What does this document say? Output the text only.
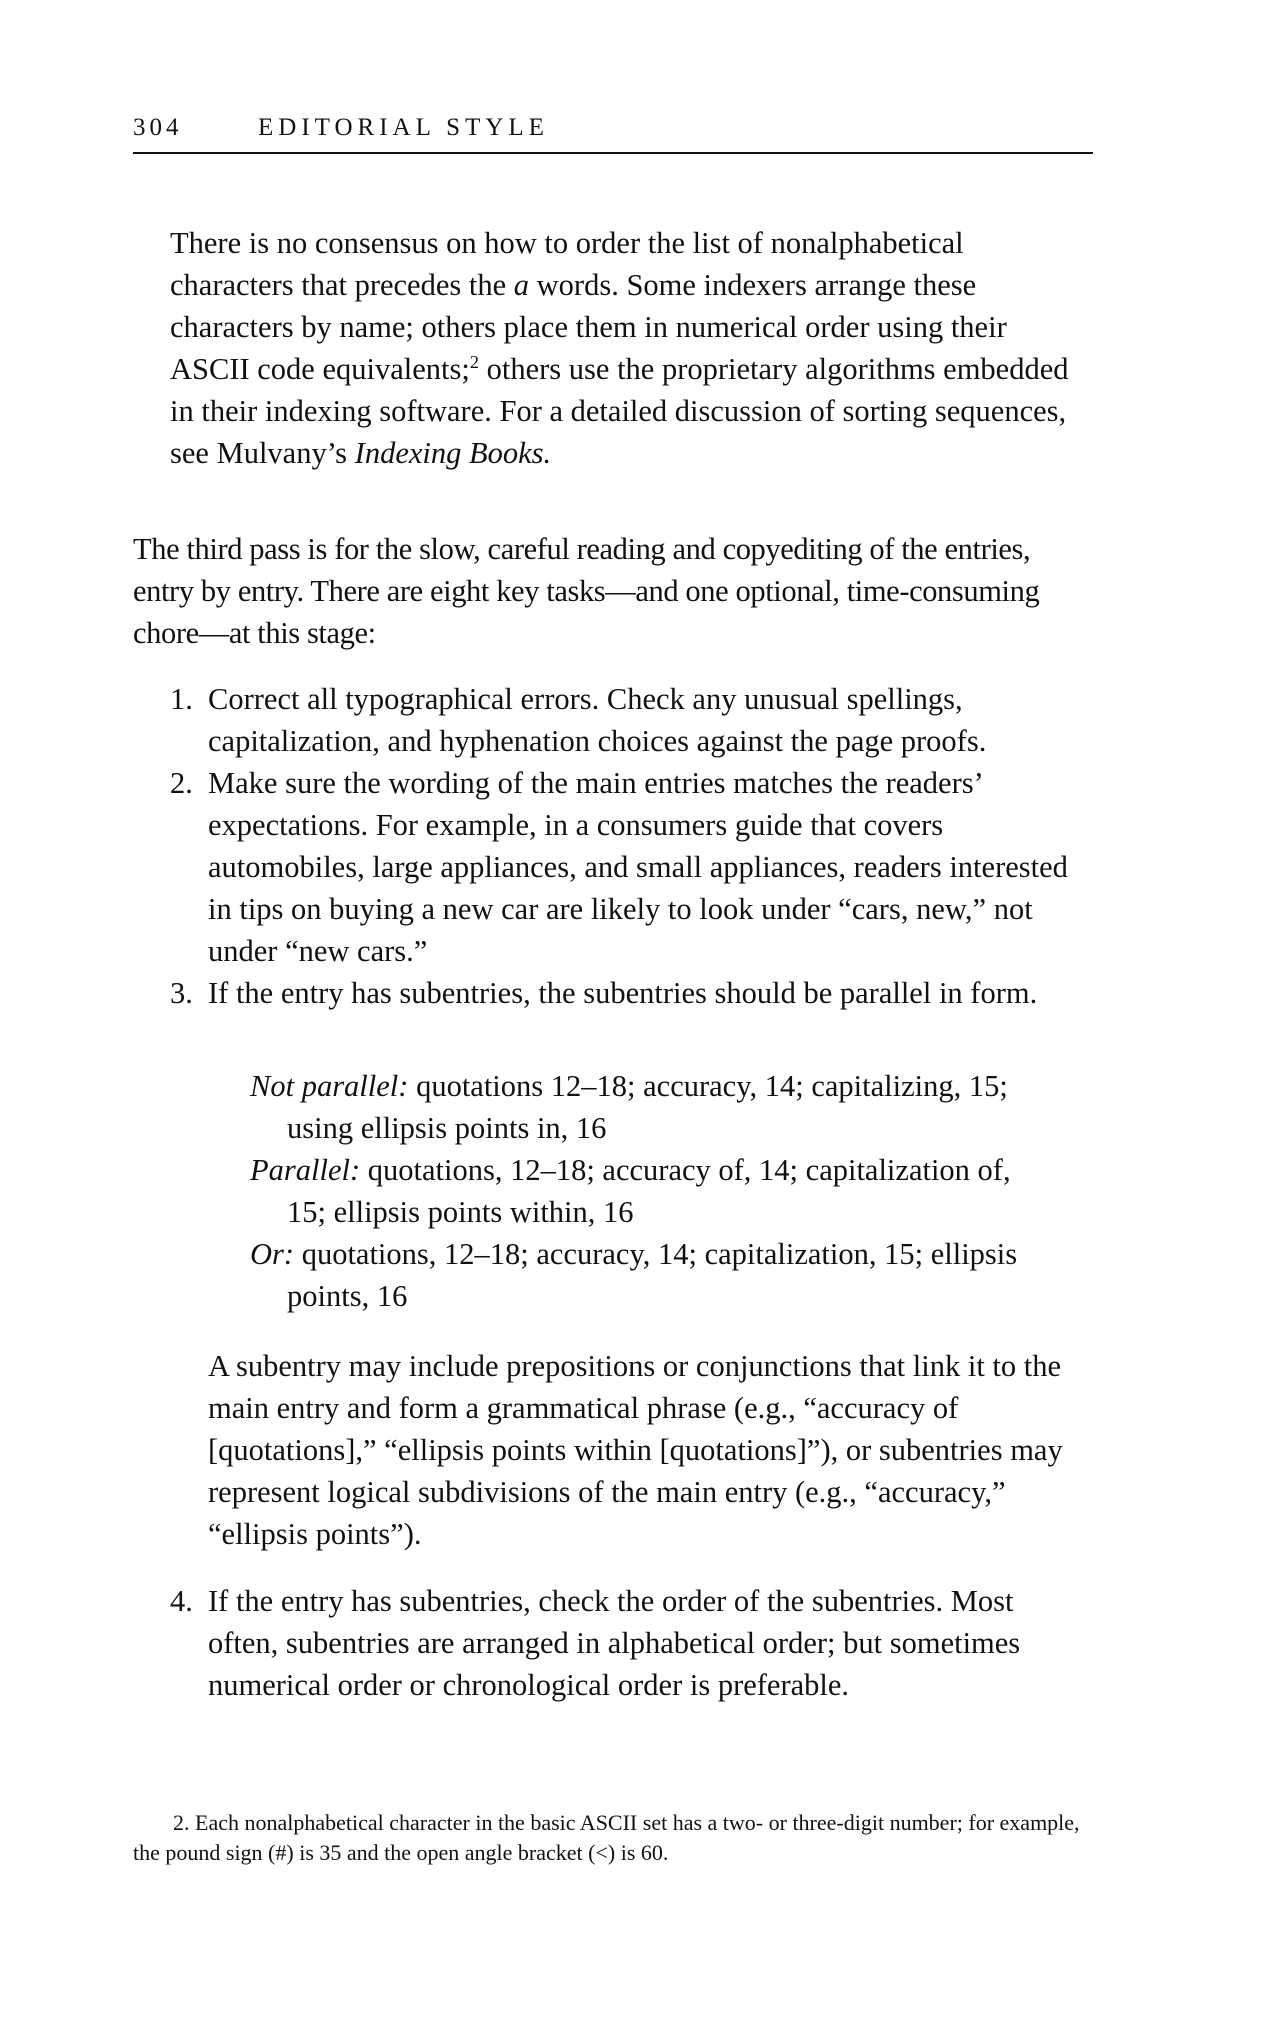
304	EDITORIAL STYLE

There is no consensus on how to order the list of nonalphabetical characters that precedes the a words. Some indexers arrange these characters by name; others place them in numerical order using their ASCII code equivalents;$^2$ others use the proprietary algorithms embedded in their indexing software. For a detailed discussion of sorting sequences, see Mulvany’s Indexing Books.

The third pass is for the slow, careful reading and copyediting of the entries, entry by entry. There are eight key tasks—and one optional, time-consuming chore—at this stage:

1. Correct all typographical errors. Check any unusual spellings, capitalization, and hyphenation choices against the page proofs.
2. Make sure the wording of the main entries matches the readers’ expectations. For example, in a consumers guide that covers automobiles, large appliances, and small appliances, readers interested in tips on buying a new car are likely to look under “cars, new,” not under “new cars.”
3. If the entry has subentries, the subentries should be parallel in form.
Not parallel: quotations 12–18; accuracy, 14; capitalizing, 15; using ellipsis points in, 16
Parallel: quotations, 12–18; accuracy of, 14; capitalization of, 15; ellipsis points within, 16
Or: quotations, 12–18; accuracy, 14; capitalization, 15; ellipsis points, 16

A subentry may include prepositions or conjunctions that link it to the main entry and form a grammatical phrase (e.g., “accuracy of [quotations],” “ellipsis points within [quotations]”), or subentries may represent logical subdivisions of the main entry (e.g., “accuracy,” “ellipsis points”).

4. If the entry has subentries, check the order of the subentries. Most often, subentries are arranged in alphabetical order; but sometimes numerical order or chronological order is preferable.

2. Each nonalphabetical character in the basic ASCII set has a two- or three-digit number; for example, the pound sign (#) is 35 and the open angle bracket (<) is 60.
